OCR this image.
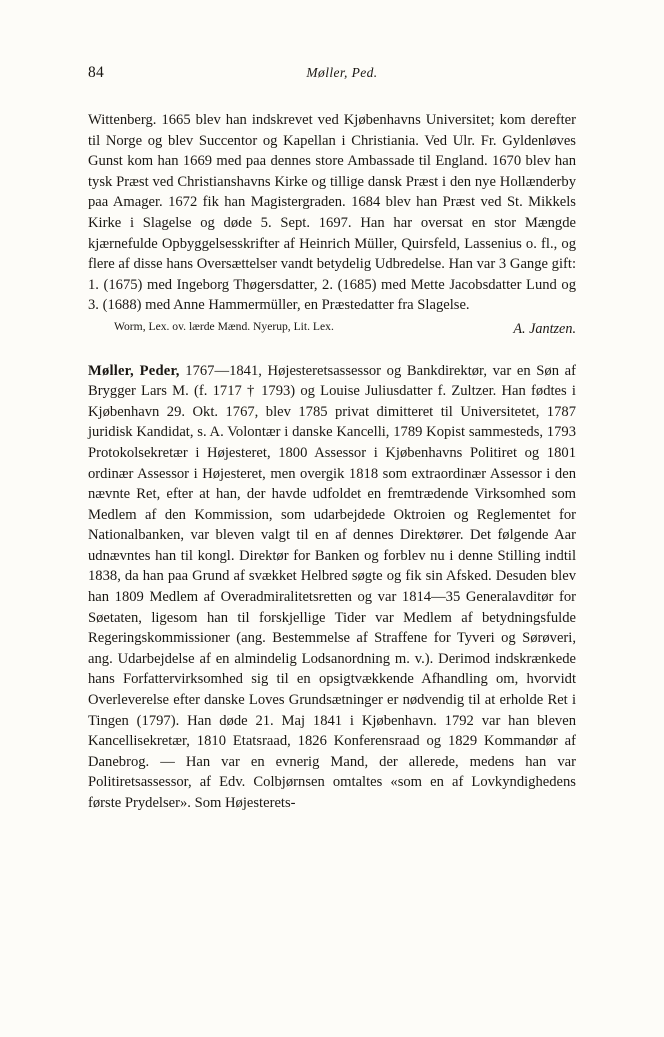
84	Møller, Ped.

Wittenberg. 1665 blev han indskrevet ved Kjøbenhavns Universitet; kom derefter til Norge og blev Succentor og Kapellan i Christiania. Ved Ulr. Fr. Gyldenløves Gunst kom han 1669 med paa dennes store Ambassade til England. 1670 blev han tysk Præst ved Christianshavns Kirke og tillige dansk Præst i den nye Hollænderby paa Amager. 1672 fik han Magistergraden. 1684 blev han Præst ved St. Mikkels Kirke i Slagelse og døde 5. Sept. 1697. Han har oversat en stor Mængde kjærnefulde Opbyggelsesskrifter af Heinrich Müller, Quirsfeld, Lassenius o. fl., og flere af disse hans Oversættelser vandt betydelig Udbredelse. Han var 3 Gange gift: 1. (1675) med Ingeborg Thøgersdatter, 2. (1685) med Mette Jacobsdatter Lund og 3. (1688) med Anne Hammermüller, en Præstedatter fra Slagelse.

Worm, Lex. ov. lærde Mænd. Nyerup, Lit. Lex.	A. Jantzen.

Møller, Peder, 1767—1841, Højesteretsassessor og Bankdirektør, var en Søn af Brygger Lars M. (f. 1717 † 1793) og Louise Juliusdatter f. Zultzer. Han fødtes i Kjøbenhavn 29. Okt. 1767, blev 1785 privat dimitteret til Universitetet, 1787 juridisk Kandidat, s. A. Volontær i danske Kancelli, 1789 Kopist sammesteds, 1793 Protokolsekretær i Højesteret, 1800 Assessor i Kjøbenhavns Politiret og 1801 ordinær Assessor i Højesteret, men overgik 1818 som extraordinær Assessor i den nævnte Ret, efter at han, der havde udfoldet en fremtrædende Virksomhed som Medlem af den Kommission, som udarbejdede Oktroien og Reglementet for Nationalbanken, var bleven valgt til en af dennes Direktører. Det følgende Aar udnævntes han til kongl. Direktør for Banken og forblev nu i denne Stilling indtil 1838, da han paa Grund af svækket Helbred søgte og fik sin Afsked. Desuden blev han 1809 Medlem af Overadmiralitetsretten og var 1814—35 Generalavditør for Søetaten, ligesom han til forskjellige Tider var Medlem af betydningsfulde Regeringskommissioner (ang. Bestemmelse af Straffene for Tyveri og Sørøveri, ang. Udarbejdelse af en almindelig Lodsanordning m. v.). Derimod indskrænkede hans Forfattervirksomhed sig til en opsigtvækkende Afhandling om, hvorvidt Overleverelse efter danske Loves Grundsætninger er nødvendig til at erholde Ret i Tingen (1797). Han døde 21. Maj 1841 i Kjøbenhavn. 1792 var han bleven Kancellisekretær, 1810 Etatsraad, 1826 Konferensraad og 1829 Kommandør af Danebrog. — Han var en evnerig Mand, der allerede, medens han var Politiretsassessor, af Edv. Colbjørnsen omtaltes «som en af Lovkyndighedens første Prydelser». Som Højesterets-
